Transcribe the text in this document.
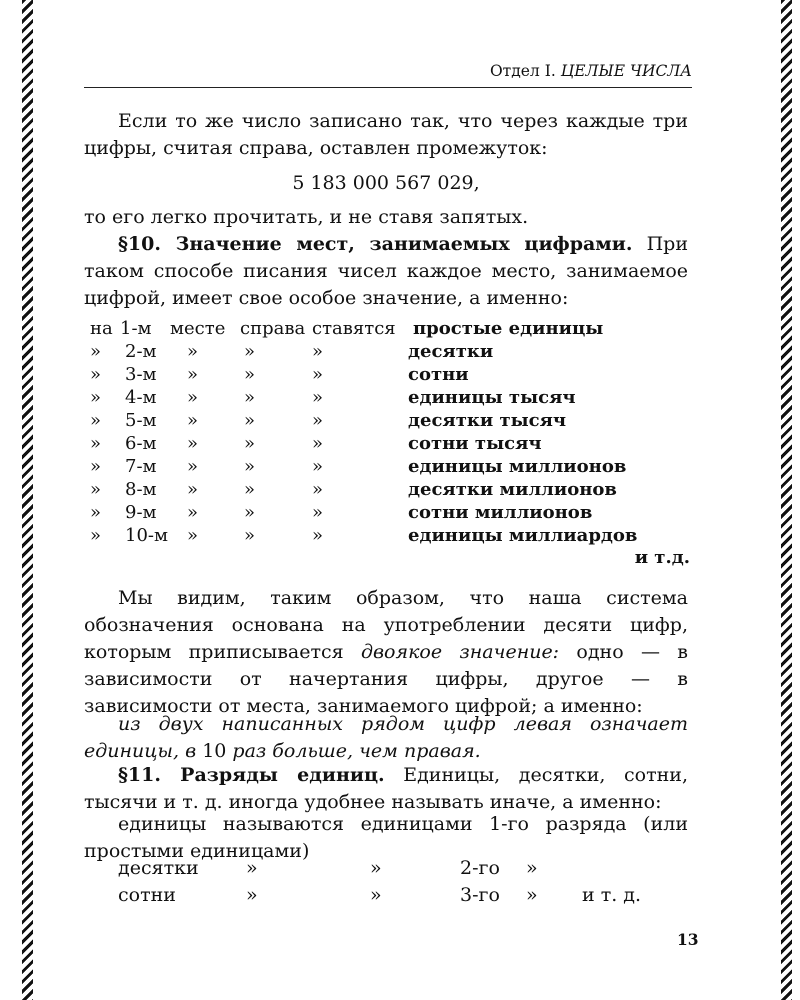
Отдел I. ЦЕЛЫЕ ЧИСЛА
Если то же число записано так, что через каждые три цифры, считая справа, оставлен промежуток:
5 183 000 567 029,
то его легко прочитать, и не ставя запятых.
§10. Значение мест, занимаемых цифрами. При таком способе писания чисел каждое место, занимаемое цифрой, имеет свое особое значение, а именно:
на 1-м месте справа ставятся простые единицы
» 2-м »	»	»	десятки
» 3-м »	»	»	сотни
» 4-м »	»	»	единицы тысяч
» 5-м »	»	»	десятки тысяч
» 6-м »	»	»	сотни тысяч
» 7-м »	»	»	единицы миллионов
» 8-м »	»	»	десятки миллионов
» 9-м »	»	»	сотни миллионов
» 10-м »	»	»	единицы миллиардов
и т.д.
Мы видим, таким образом, что наша система обозначения основана на употреблении десяти цифр, которым приписывается двоякое значение: одно — в зависимости от начертания цифры, другое — в зависимости от места, занимаемого цифрой; а именно:
из двух написанных рядом цифр левая означает единицы, в 10 раз больше, чем правая.
§11. Разряды единиц. Единицы, десятки, сотни, тысячи и т. д. иногда удобнее называть иначе, а именно:
единицы называются единицами 1-го разряда (или простыми единицами)
десятки »	»	2-го »
сотни	»	»	3-го » и т. д.
13
